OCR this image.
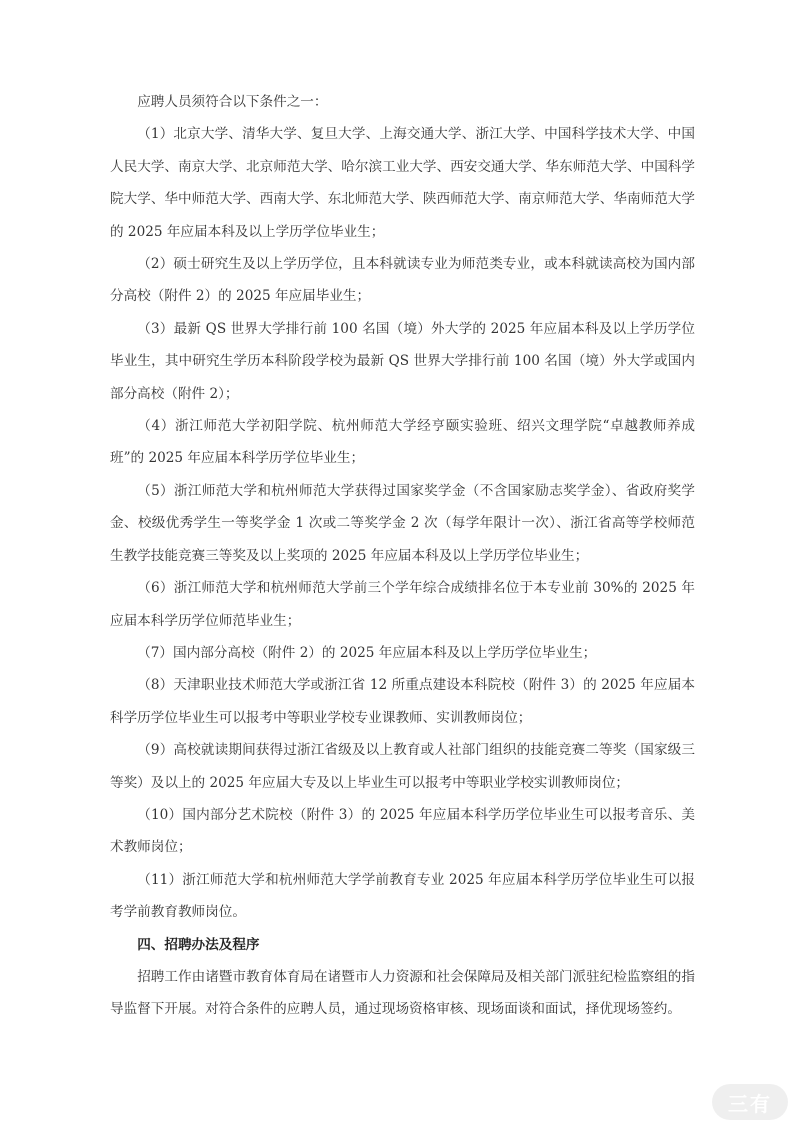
应聘人员须符合以下条件之一：

（1）北京大学、清华大学、复旦大学、上海交通大学、浙江大学、中国科学技术大学、中国人民大学、南京大学、北京师范大学、哈尔滨工业大学、西安交通大学、华东师范大学、中国科学院大学、华中师范大学、西南大学、东北师范大学、陕西师范大学、南京师范大学、华南师范大学的 2025 年应届本科及以上学历学位毕业生；

（2）硕士研究生及以上学历学位，且本科就读专业为师范类专业，或本科就读高校为国内部分高校（附件 2）的 2025 年应届毕业生；

（3）最新 QS 世界大学排行前 100 名国（境）外大学的 2025 年应届本科及以上学历学位毕业生，其中研究生学历本科阶段学校为最新 QS 世界大学排行前 100 名国（境）外大学或国内部分高校（附件 2）；

（4）浙江师范大学初阳学院、杭州师范大学经亨颐实验班、绍兴文理学院“卓越教师养成班”的 2025 年应届本科学历学位毕业生；

（5）浙江师范大学和杭州师范大学获得过国家奖学金（不含国家励志奖学金）、省政府奖学金、校级优秀学生一等奖学金 1 次或二等奖学金 2 次（每学年限计一次）、浙江省高等学校师范生教学技能竞赛三等奖及以上奖项的 2025 年应届本科及以上学历学位毕业生；

（6）浙江师范大学和杭州师范大学前三个学年综合成绩排名位于本专业前 30%的 2025 年应届本科学历学位师范毕业生；

（7）国内部分高校（附件 2）的 2025 年应届本科及以上学历学位毕业生；

（8）天津职业技术师范大学或浙江省 12 所重点建设本科院校（附件 3）的 2025 年应届本科学历学位毕业生可以报考中等职业学校专业课教师、实训教师岗位；

（9）高校就读期间获得过浙江省级及以上教育或人社部门组织的技能竞赛二等奖（国家级三等奖）及以上的 2025 年应届大专及以上毕业生可以报考中等职业学校实训教师岗位；

（10）国内部分艺术院校（附件 3）的 2025 年应届本科学历学位毕业生可以报考音乐、美术教师岗位；

（11）浙江师范大学和杭州师范大学学前教育专业 2025 年应届本科学历学位毕业生可以报考学前教育教师岗位。

四、招聘办法及程序

招聘工作由诸暨市教育体育局在诸暨市人力资源和社会保障局及相关部门派驻纪检监察组的指导监督下开展。对符合条件的应聘人员，通过现场资格审核、现场面谈和面试，择优现场签约。

三有
